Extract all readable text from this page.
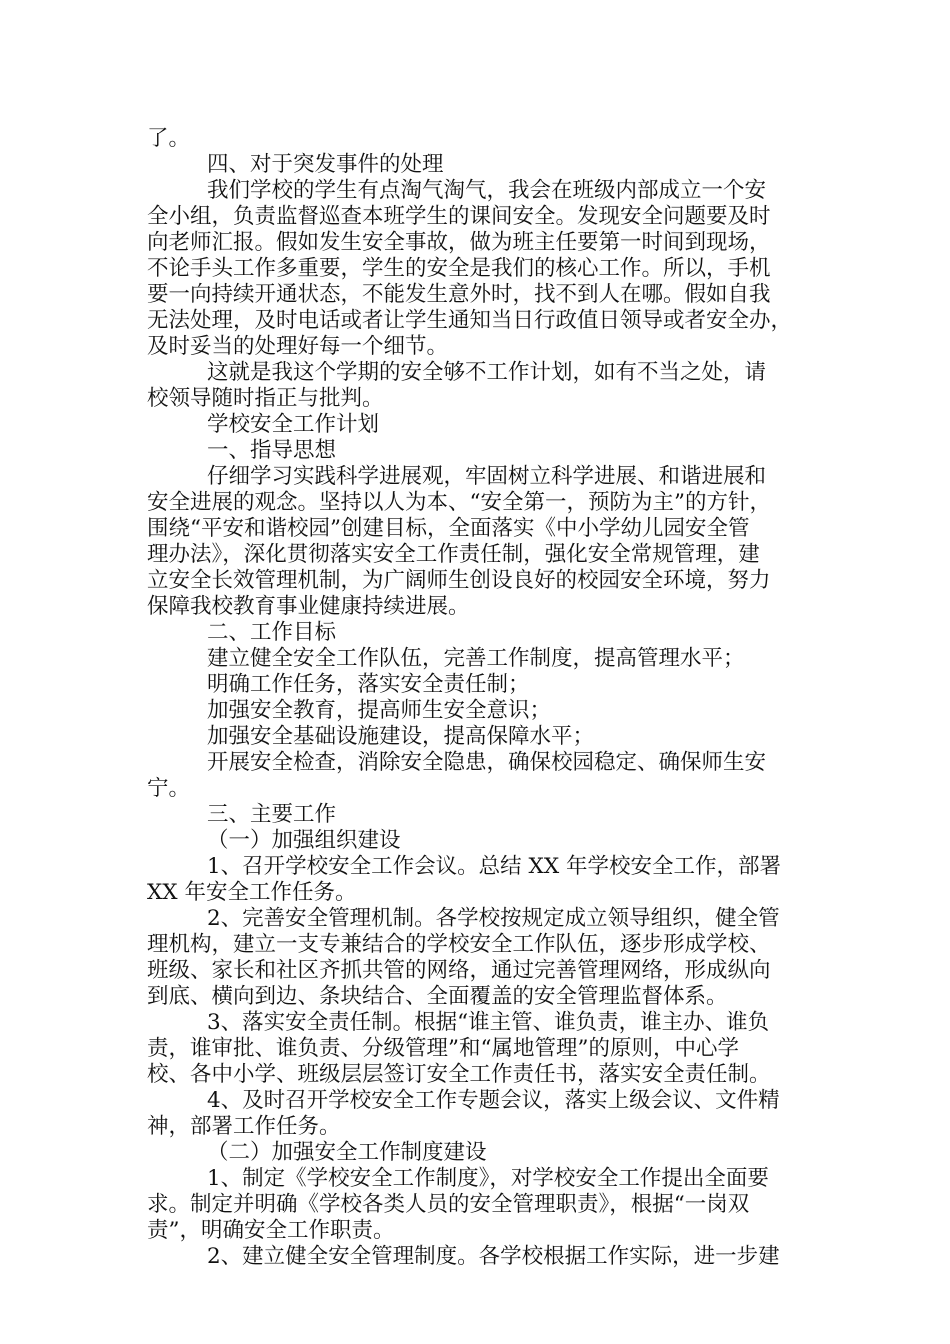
了。
四、对于突发事件的处理
我们学校的学生有点淘气淘气，我会在班级内部成立一个安
全小组，负责监督巡查本班学生的课间安全。发现安全问题要及时
向老师汇报。假如发生安全事故，做为班主任要第一时间到现场，
不论手头工作多重要，学生的安全是我们的核心工作。所以，手机
要一向持续开通状态，不能发生意外时，找不到人在哪。假如自我
无法处理，及时电话或者让学生通知当日行政值日领导或者安全办，
及时妥当的处理好每一个细节。
这就是我这个学期的安全够不工作计划，如有不当之处，请
校领导随时指正与批判。
学校安全工作计划
一、指导思想
仔细学习实践科学进展观，牢固树立科学进展、和谐进展和
安全进展的观念。坚持以人为本、“安全第一，预防为主”的方针，
围绕“平安和谐校园”创建目标，全面落实《中小学幼儿园安全管
理办法》，深化贯彻落实安全工作责任制，强化安全常规管理，建
立安全长效管理机制，为广阔师生创设良好的校园安全环境，努力
保障我校教育事业健康持续进展。
二、工作目标
建立健全安全工作队伍，完善工作制度，提高管理水平；
明确工作任务，落实安全责任制；
加强安全教育，提高师生安全意识；
加强安全基础设施建设，提高保障水平；
开展安全检查，消除安全隐患，确保校园稳定、确保师生安
宁。
三、主要工作
（一）加强组织建设
1、召开学校安全工作会议。总结 XX 年学校安全工作，部署
XX 年安全工作任务。
2、完善安全管理机制。各学校按规定成立领导组织，健全管
理机构，建立一支专兼结合的学校安全工作队伍，逐步形成学校、
班级、家长和社区齐抓共管的网络，通过完善管理网络，形成纵向
到底、横向到边、条块结合、全面覆盖的安全管理监督体系。
3、落实安全责任制。根据“谁主管、谁负责，谁主办、谁负
责，谁审批、谁负责、分级管理”和“属地管理”的原则，中心学
校、各中小学、班级层层签订安全工作责任书，落实安全责任制。
4、及时召开学校安全工作专题会议，落实上级会议、文件精
神，部署工作任务。
（二）加强安全工作制度建设
1、制定《学校安全工作制度》，对学校安全工作提出全面要
求。制定并明确《学校各类人员的安全管理职责》，根据“一岗双
责”，明确安全工作职责。
2、建立健全安全管理制度。各学校根据工作实际，进一步建
